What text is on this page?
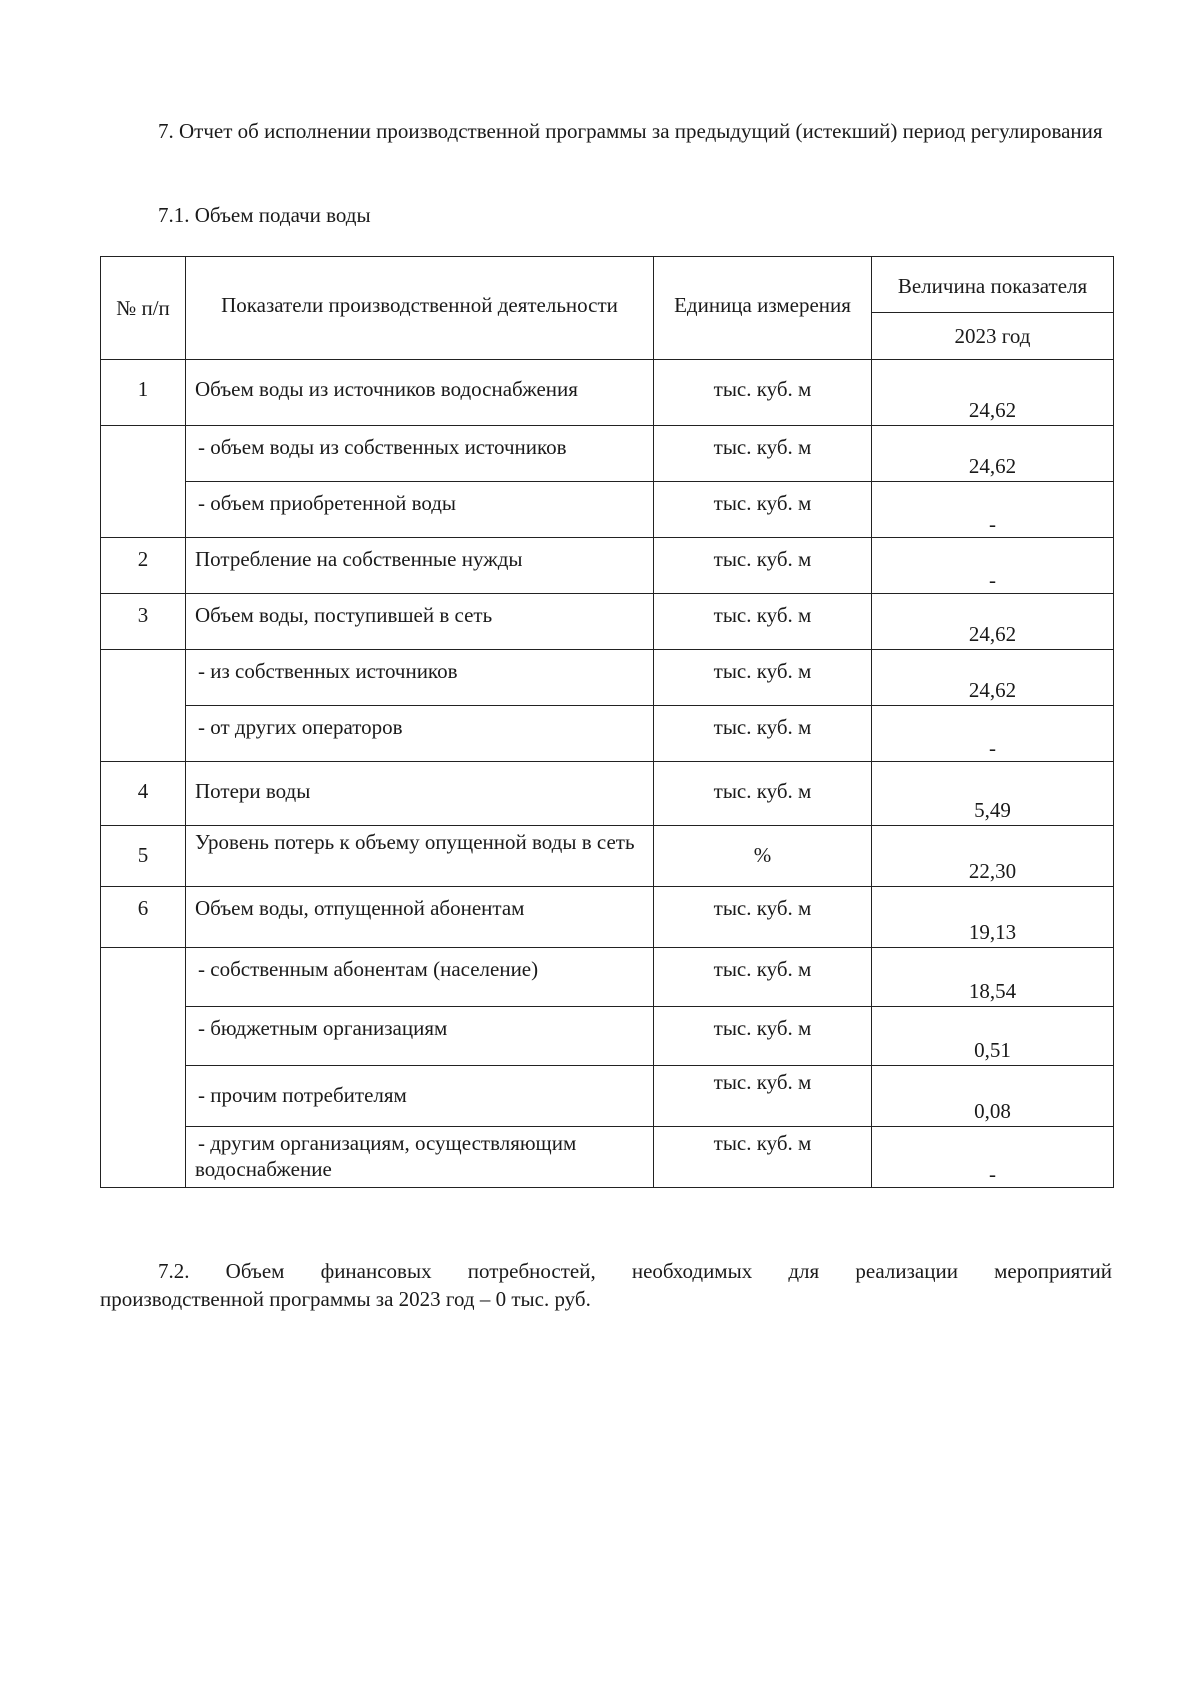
7. Отчет об исполнении производственной программы за предыдущий (истекший) период регулирования

7.1. Объем подачи воды

№ п/п	Показатели производственной деятельности	Единица измерения	Величина показателя
			2023 год
1	Объем воды из источников водоснабжения	тыс. куб. м	24,62
	- объем воды из собственных источников	тыс. куб. м	24,62
	- объем приобретенной воды	тыс. куб. м	-
2	Потребление на собственные нужды	тыс. куб. м	-
3	Объем воды, поступившей в сеть	тыс. куб. м	24,62
	- из собственных источников	тыс. куб. м	24,62
	- от других операторов	тыс. куб. м	-
4	Потери воды	тыс. куб. м	5,49
5	Уровень потерь к объему опущенной воды в сеть	%	22,30
6	Объем воды, отпущенной абонентам	тыс. куб. м	19,13
	- собственным абонентам (население)	тыс. куб. м	18,54
	- бюджетным организациям	тыс. куб. м	0,51
	- прочим потребителям	тыс. куб. м	0,08
	- другим организациям, осуществляющим водоснабжение	тыс. куб. м	-

7.2. Объем финансовых потребностей, необходимых для реализации мероприятий
производственной программы за 2023 год – 0 тыс. руб.
